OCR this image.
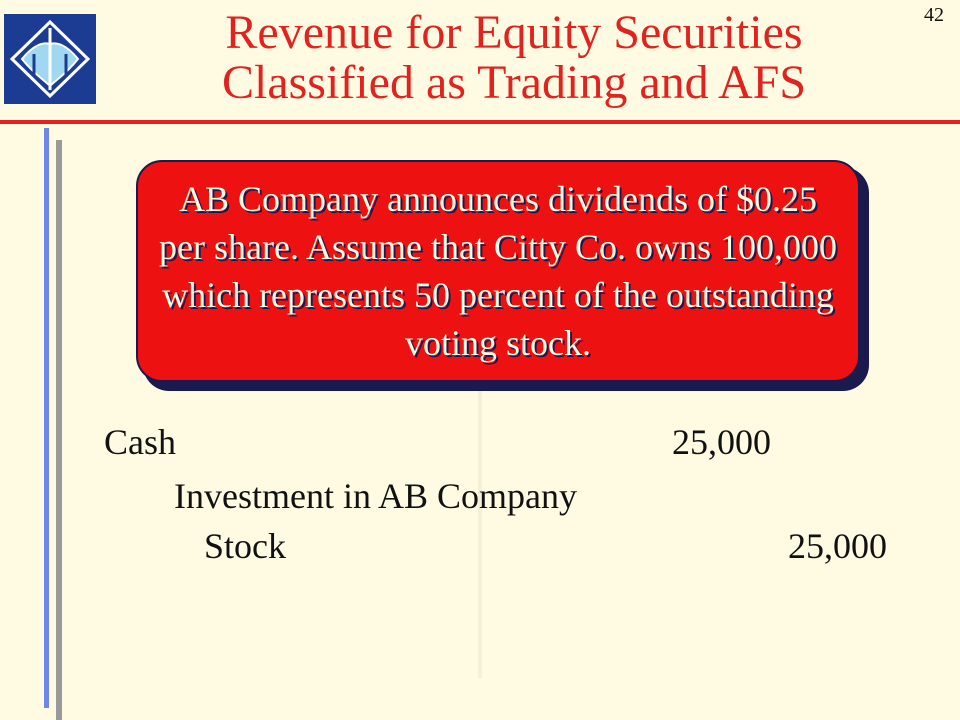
42
Revenue for Equity Securities
Classified as Trading and AFS

AB Company announces dividends of $0.25 per share. Assume that Citty Co. owns 100,000 which represents 50 percent of the outstanding voting stock.

Cash	25,000
Investment in AB Company
Stock	25,000
